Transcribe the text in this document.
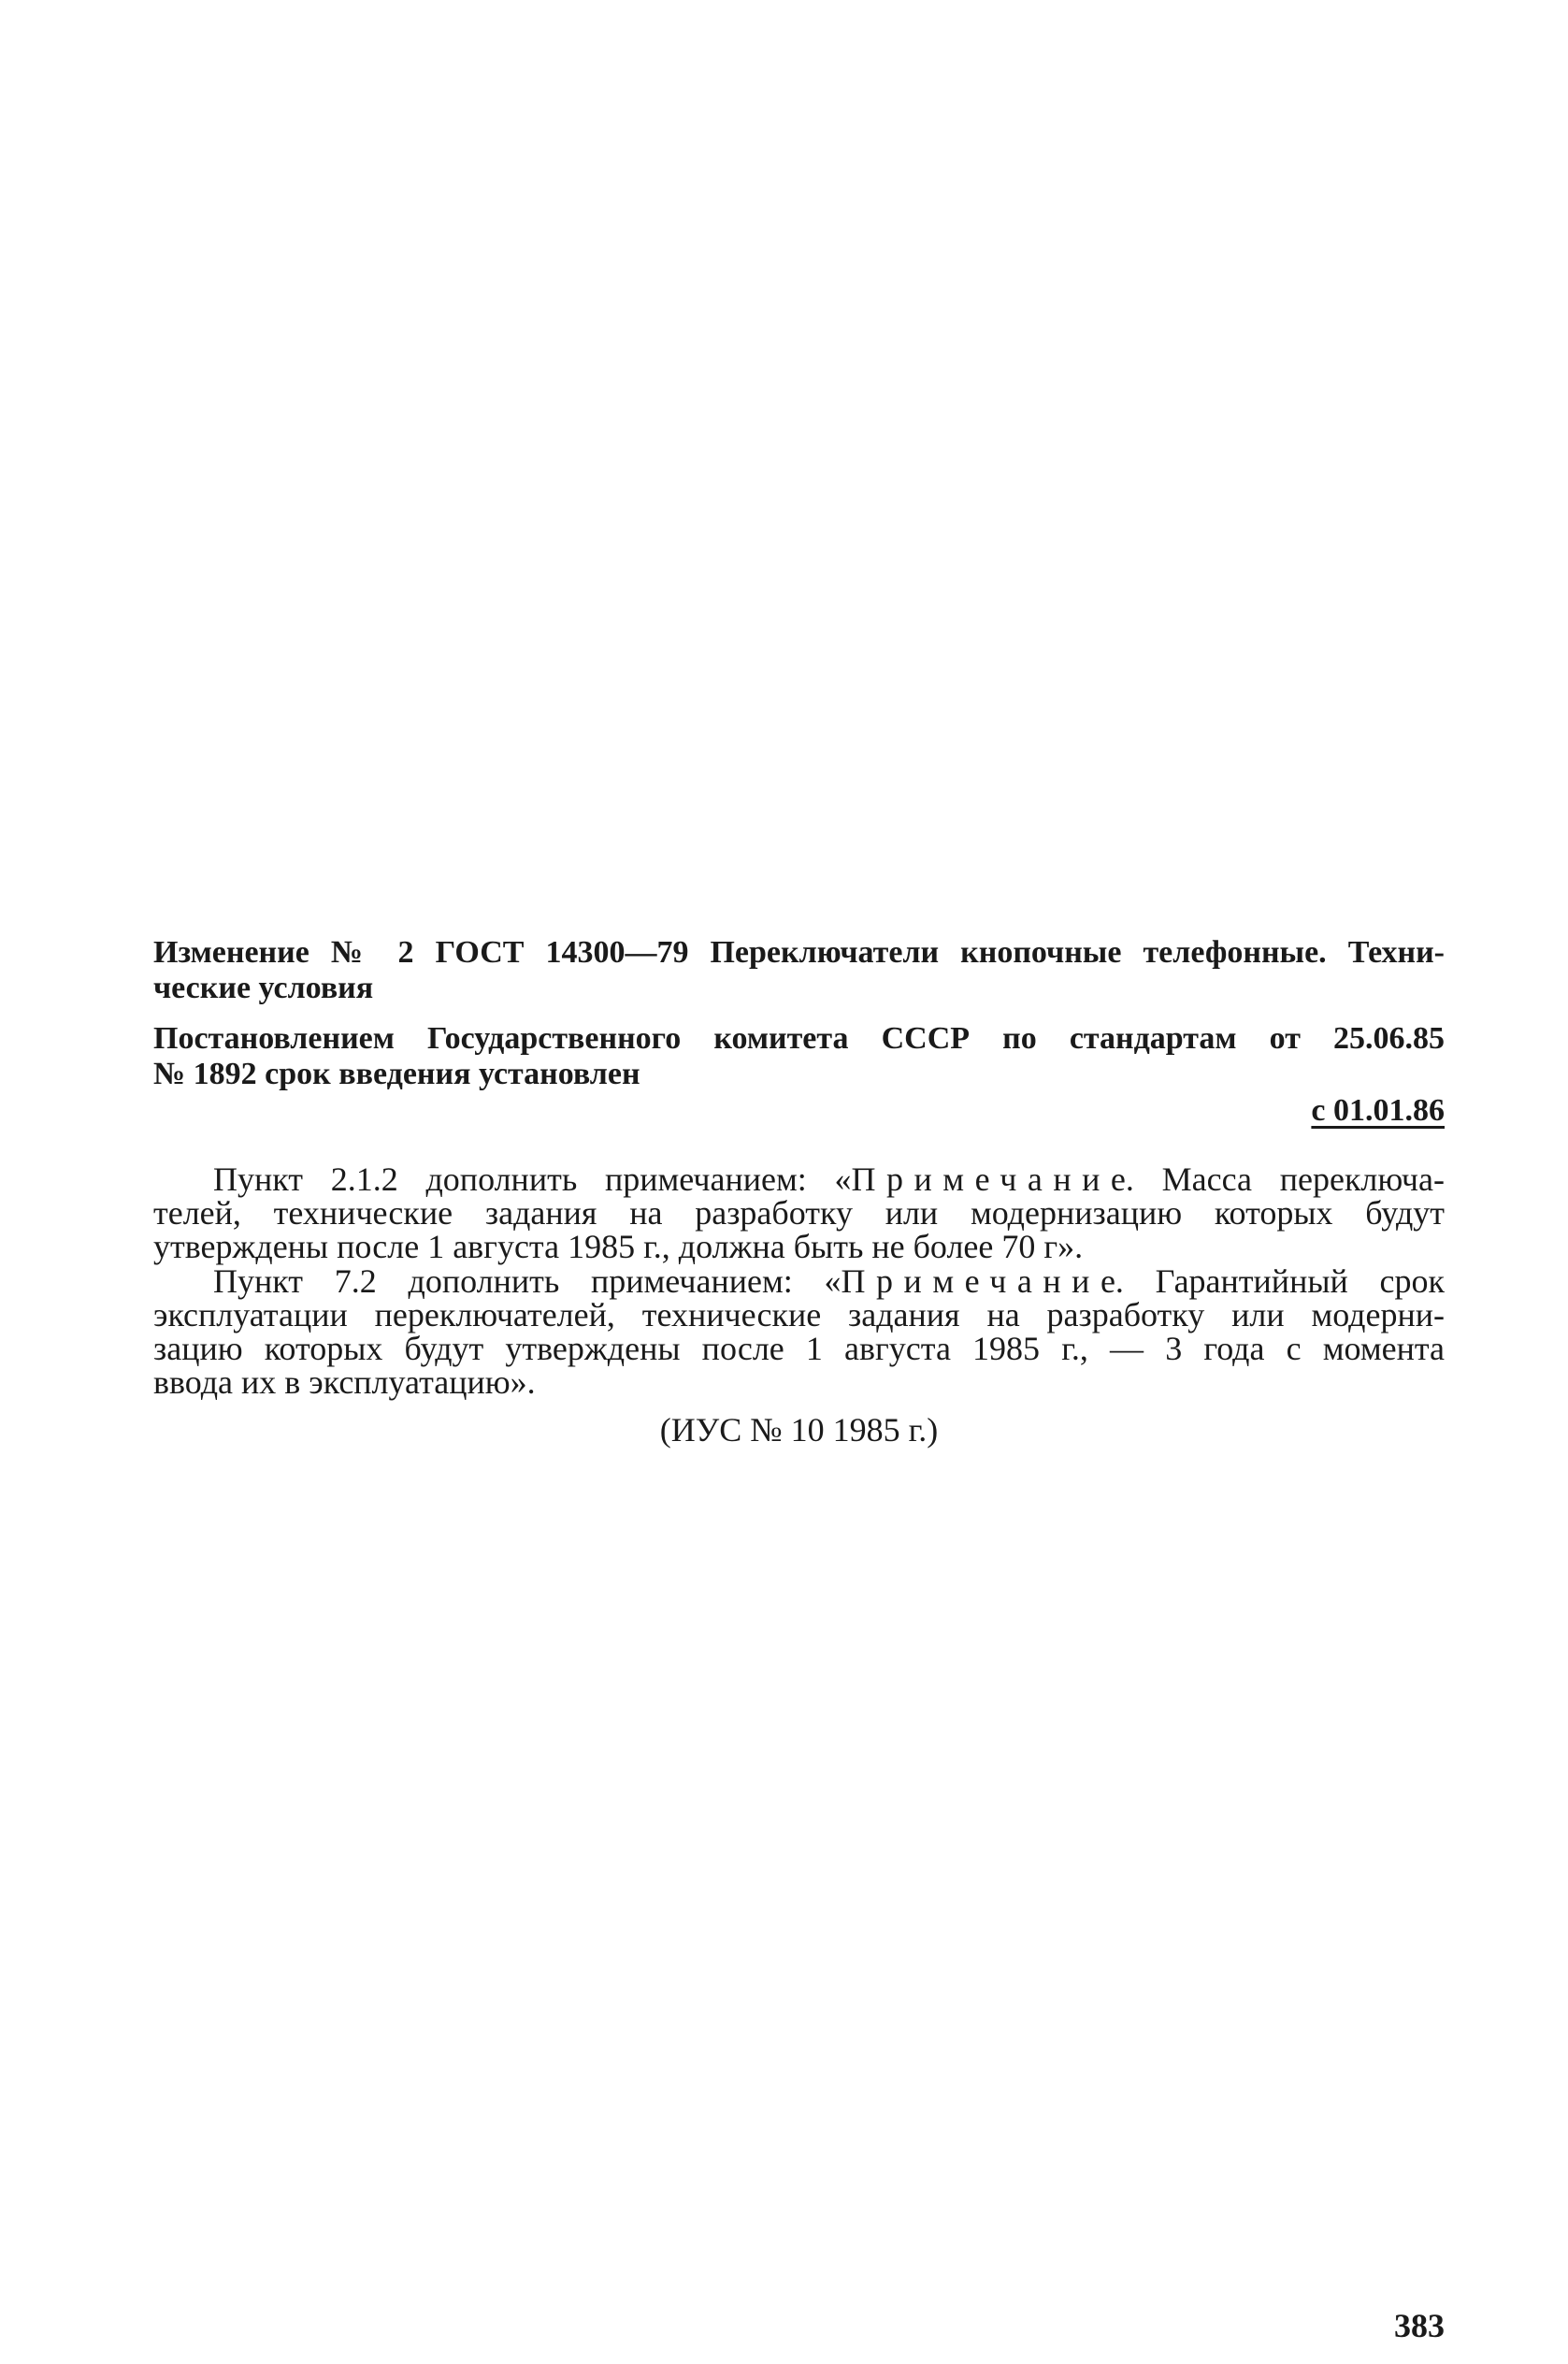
Изменение № 2 ГОСТ 14300—79 Переключатели кнопочные телефонные. Техни-
ческие условия
Постановлением Государственного комитета СССР по стандартам от 25.06.85
№ 1892 срок введения установлен
с 01.01.86
Пункт 2.1.2 дополнить примечанием: «Примечание. Масса переключа-
телей, технические задания на разработку или модернизацию которых будут
утверждены после 1 августа 1985 г., должна быть не более 70 г».
Пункт 7.2 дополнить примечанием: «Примечание. Гарантийный срок
эксплуатации переключателей, технические задания на разработку или модерни-
зацию которых будут утверждены после 1 августа 1985 г., — 3 года с момента
ввода их в эксплуатацию».
(ИУС № 10 1985 г.)
383
